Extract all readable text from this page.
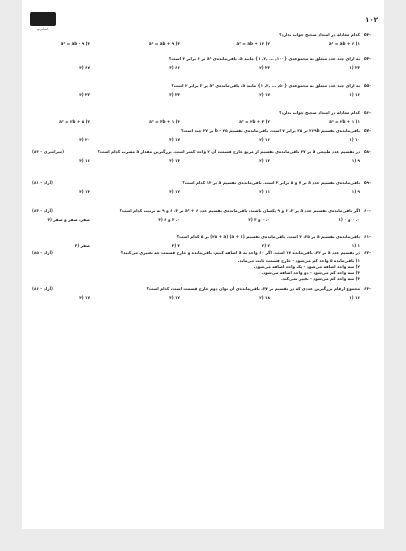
حسابی‌نو
۱۰۲
۵۳-
کدام معادله در امتداد صحیح جواب ندارد؟
a² = ab + ۶ (۱
a² = ab + ۱۲ (۲
a² = ab + ۹ (۳
a² = ab - ۹ (۴
۵۴-
به ازای چند عدد متعلق به مجموعه‌ی {۱۰۰, ... ,۲, ۱} مانند a، باقی‌مانده‌ی a² بر ۶ برابر ۴ است؟
۳۳ (۱
۳۴ (۲
۶۶ (۳
۶۷ (۴
۵۵-
به ازای چند عدد متعلق به مجموعه‌ی {۵۰, ... ,۲, ۱} مانند a، باقی‌مانده‌ی a² بر ۳ برابر ۲ است؟
۱۶ (۱
۱۷ (۲
۳۳ (۳
۳۴ (۴
۵۶-
کدام معادله در امتداد صحیح جواب ندارد؟
a² = ۲b + ۱ (۱
a² = ۲b + ۳ (۲
a² = ۳b + ۱ (۳
a² = ۲b + ۵ (۴
۵۷-
باقی‌مانده‌ی تقسیم ۲۶۹b بر ۲۵ برابر ۷ است. باقی‌مانده‌ی تقسیم b – ۲۵ بر ۲۷ چند است؟
۱۰ (۱
۱۶ (۲
۱۷ (۳
۲۰ (۴
۵۸-
در تقسیم عدد طبیعی a بر ۲۷ باقی‌مانده‌ی تقسیم از مربع خارج قسمت آن ۲ واحد کمتر است. بزرگترین مقدار a مضرب کدام است؟
(سراسری – ۸۴)
۹ (۱
۱۲ (۲
۱۳ (۳
۱۶ (۴
۵۹-
باقی‌مانده‌ی تقسیم عدد a بر ۷ و ۵ برابر ۲ است. باقی‌مانده‌ی تقسیم a بر ۱۴ کدام است؟
(آزاد – ۸۱)
۹ (۱
۱۱ (۲
۱۲ (۳
۱۳ (۴
۶۰-
اگر باقی‌مانده‌ی تقسیم عدد a بر ۳، ۶ و ۹ یکسان باشند، باقی‌مانده‌ی تقسیم عدد ۶ + a² بر ۳، ۶ و ۹ به ترتیب کدام است؟
(آزاد – ۸۳)
۰، ۰ و ۰ (۱
۰، ۰ و ۳ (۲
۰، ۳ و ۶ (۳
صفر، صفر و صفر (۴
۶۱-
باقی‌مانده‌ی تقسیم a بر ۲۵، ۴ است. باقی‌مانده‌ی تقسیم (a + ۱) (۲۵ + a) بر ۵ کدام است؟
۱ (۱
۲ (۲
۳ (۳
صفر (۴
۶۲-
در تقسیم عدد a بر ۲۲، باقی‌مانده ۱۷ است. اگر ۶۰ واحد به a اضافه کنیم، باقی‌مانده و خارج قسمت چه تغییری می‌کنند؟
(آزاد – ۸۵)
۱) باقی‌مانده ۵ واحد کم می‌شود - خارج قسمت ثابت می‌ماند.
۲) سه واحد اضافه می‌شود - یک واحد اضافه می‌شود.
۳) سه واحد کم می‌شود - دو واحد اضافه می‌شود.
۴) سه واحد کم می‌شود - تغییر نمی‌کند.
۶۳-
مجموع ارقام بزرگترین عددی که در تقسیم بر ۴۷، باقی‌مانده‌ی آن توان دوم خارج قسمت است، کدام است؟
(آزاد – ۸۶)
۱۶ (۱
۱۸ (۲
۱۲ (۳
۱۷ (۴
